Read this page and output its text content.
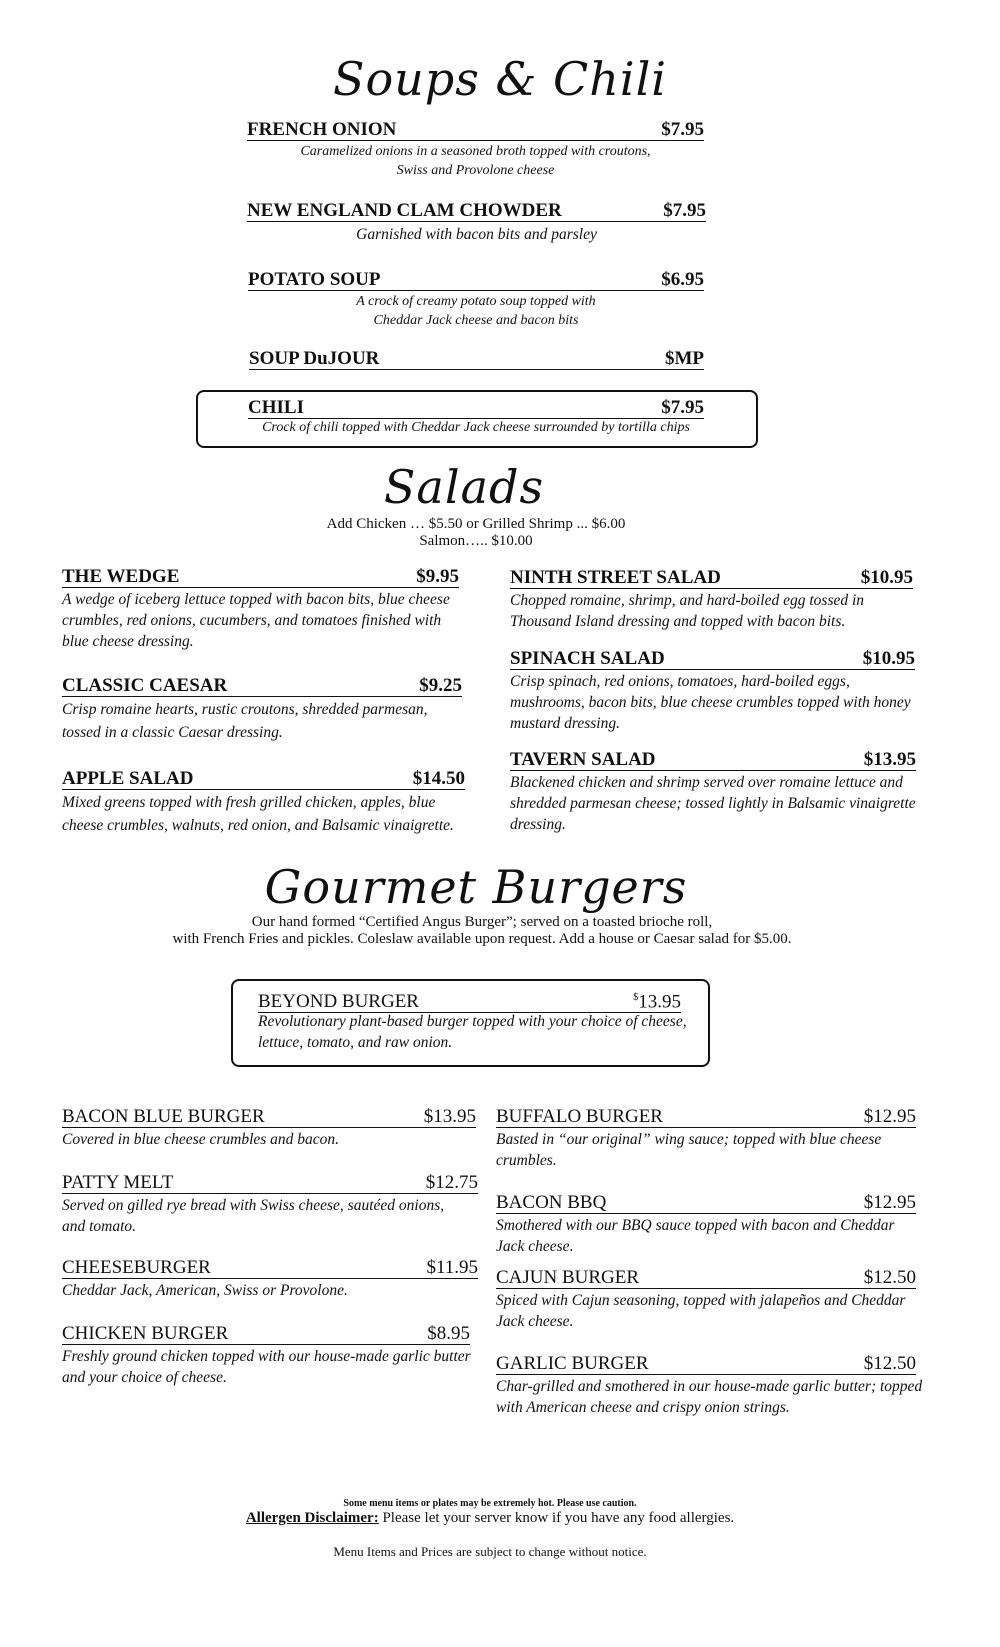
Soups & Chili
FRENCH ONION	$7.95
Caramelized onions in a seasoned broth topped with croutons,
Swiss and Provolone cheese
NEW ENGLAND CLAM CHOWDER	$7.95
Garnished with bacon bits and parsley
POTATO SOUP	$6.95
A crock of creamy potato soup topped with
Cheddar Jack cheese and bacon bits
SOUP DuJOUR	$MP
CHILI	$7.95
Crock of chili topped with Cheddar Jack cheese surrounded by tortilla chips
Salads
Add Chicken … $5.50 or Grilled Shrimp ... $6.00
Salmon….. $10.00
THE WEDGE	$9.95
A wedge of iceberg lettuce topped with bacon bits, blue cheese
crumbles, red onions, cucumbers, and tomatoes finished with
blue cheese dressing.
CLASSIC CAESAR	$9.25
Crisp romaine hearts, rustic croutons, shredded parmesan,
tossed in a classic Caesar dressing.
APPLE SALAD	$14.50
Mixed greens topped with fresh grilled chicken, apples, blue
cheese crumbles, walnuts, red onion, and Balsamic vinaigrette.
NINTH STREET SALAD	$10.95
Chopped romaine, shrimp, and hard-boiled egg tossed in
Thousand Island dressing and topped with bacon bits.
SPINACH SALAD	$10.95
Crisp spinach, red onions, tomatoes, hard-boiled eggs,
mushrooms, bacon bits, blue cheese crumbles topped with honey
mustard dressing.
TAVERN SALAD	$13.95
Blackened chicken and shrimp served over romaine lettuce and
shredded parmesan cheese; tossed lightly in Balsamic vinaigrette
dressing.
Gourmet Burgers
Our hand formed “Certified Angus Burger”; served on a toasted brioche roll,
with French Fries and pickles. Coleslaw available upon request. Add a house or Caesar salad for $5.00.
BEYOND BURGER	$13.95
Revolutionary plant-based burger topped with your choice of cheese,
lettuce, tomato, and raw onion.
BACON BLUE BURGER	$13.95
Covered in blue cheese crumbles and bacon.
PATTY MELT	$12.75
Served on gilled rye bread with Swiss cheese, sautéed onions,
and tomato.
CHEESEBURGER	$11.95
Cheddar Jack, American, Swiss or Provolone.
CHICKEN BURGER	$8.95
Freshly ground chicken topped with our house-made garlic butter
and your choice of cheese.
BUFFALO BURGER	$12.95
Basted in “our original” wing sauce; topped with blue cheese
crumbles.
BACON BBQ	$12.95
Smothered with our BBQ sauce topped with bacon and Cheddar
Jack cheese.
CAJUN BURGER	$12.50
Spiced with Cajun seasoning, topped with jalapeños and Cheddar
Jack cheese.
GARLIC BURGER	$12.50
Char-grilled and smothered in our house-made garlic butter; topped
with American cheese and crispy onion strings.
Some menu items or plates may be extremely hot. Please use caution.
Allergen Disclaimer: Please let your server know if you have any food allergies.
Menu Items and Prices are subject to change without notice.
